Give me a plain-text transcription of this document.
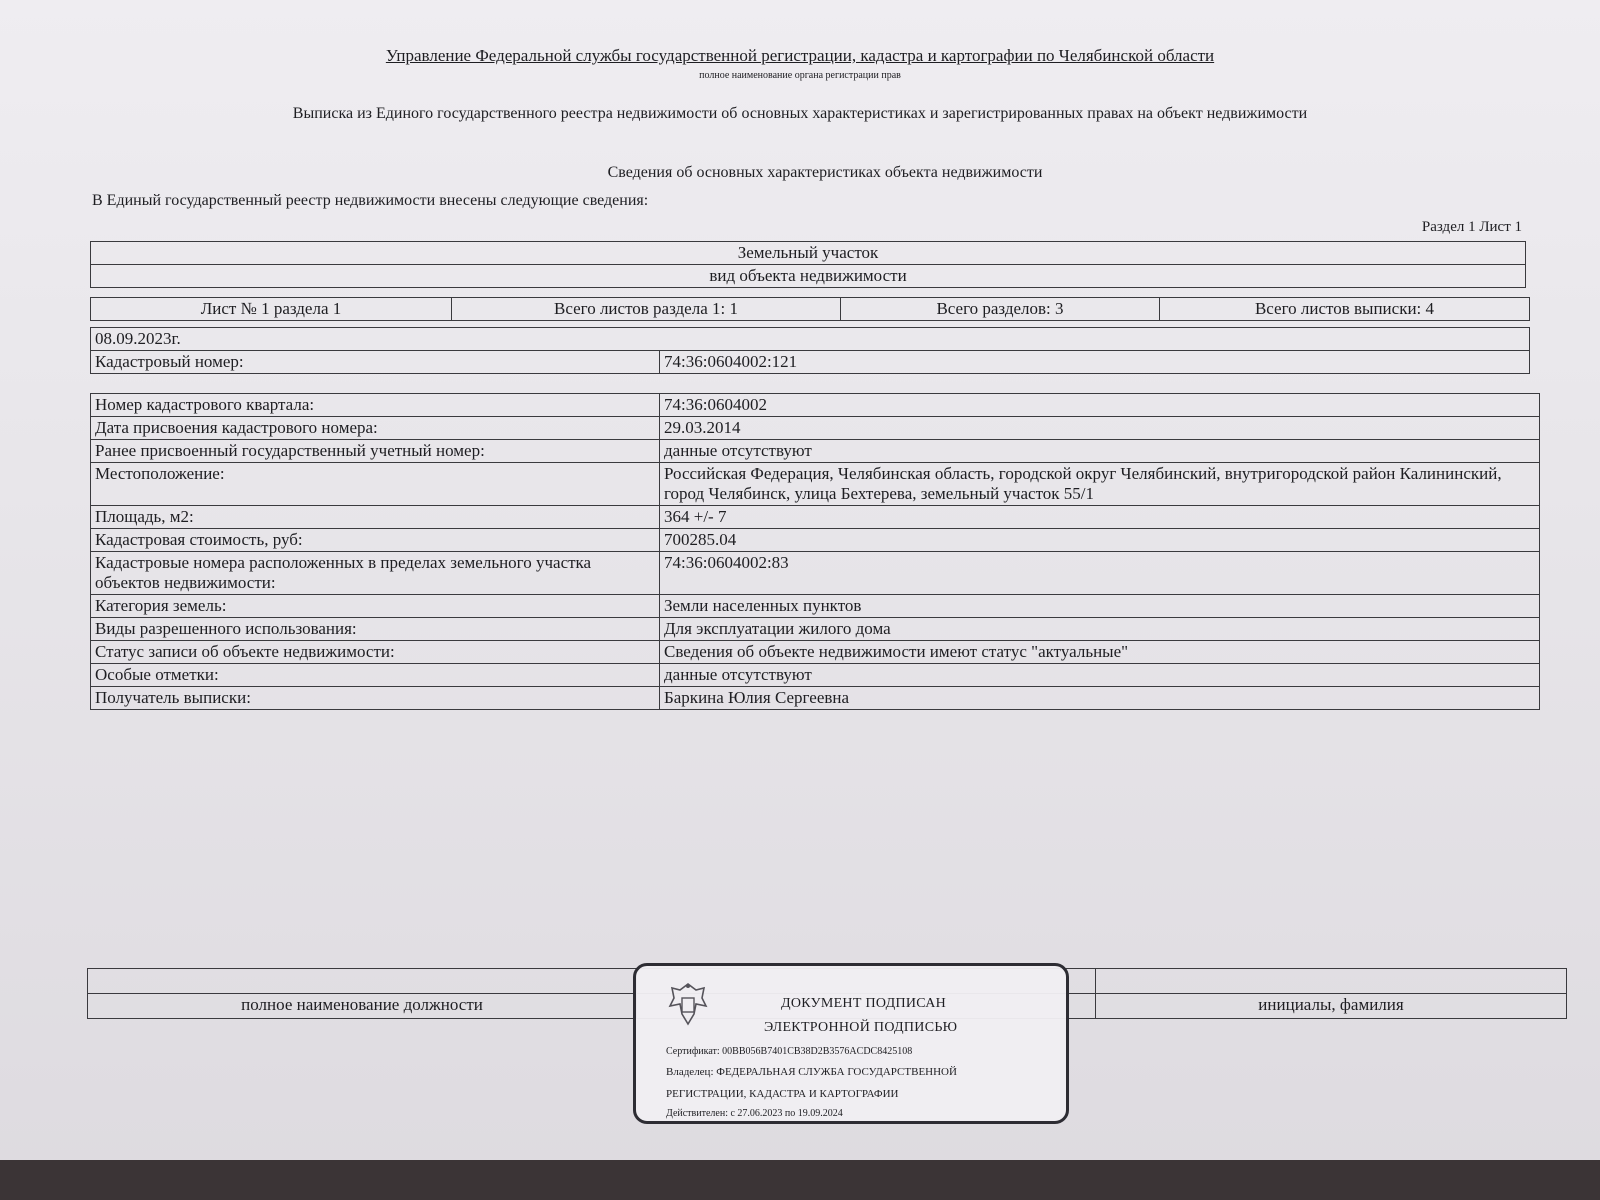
Управление Федеральной службы государственной регистрации, кадастра и картографии по Челябинской области
полное наименование органа регистрации прав
Выписка из Единого государственного реестра недвижимости об основных характеристиках и зарегистрированных правах на объект недвижимости
Сведения об основных характеристиках объекта недвижимости
В Единый государственный реестр недвижимости внесены следующие сведения:
Раздел 1 Лист 1
Земельный участок
вид объекта недвижимости
Лист № 1 раздела 1	Всего листов раздела 1: 1	Всего разделов: 3	Всего листов выписки: 4
08.09.2023г.
Кадастровый номер:	74:36:0604002:121
Номер кадастрового квартала:	74:36:0604002
Дата присвоения кадастрового номера:	29.03.2014
Ранее присвоенный государственный учетный номер:	данные отсутствуют
Местоположение:	Российская Федерация, Челябинская область, городской округ Челябинский, внутригородской район Калининский, город Челябинск, улица Бехтерева, земельный участок 55/1
Площадь, м2:	364 +/- 7
Кадастровая стоимость, руб:	700285.04
Кадастровые номера расположенных в пределах земельного участка объектов недвижимости:	74:36:0604002:83
Категория земель:	Земли населенных пунктов
Виды разрешенного использования:	Для эксплуатации жилого дома
Статус записи об объекте недвижимости:	Сведения об объекте недвижимости имеют статус "актуальные"
Особые отметки:	данные отсутствуют
Получатель выписки:	Баркина Юлия Сергеевна

полное наименование должности		инициалы, фамилия
ДОКУМЕНТ ПОДПИСАН
ЭЛЕКТРОННОЙ ПОДПИСЬЮ
Сертификат: 00BB056B7401CB38D2B3576ACDC8425108
Владелец: ФЕДЕРАЛЬНАЯ СЛУЖБА ГОСУДАРСТВЕННОЙ
РЕГИСТРАЦИИ, КАДАСТРА И КАРТОГРАФИИ
Действителен: с 27.06.2023 по 19.09.2024
